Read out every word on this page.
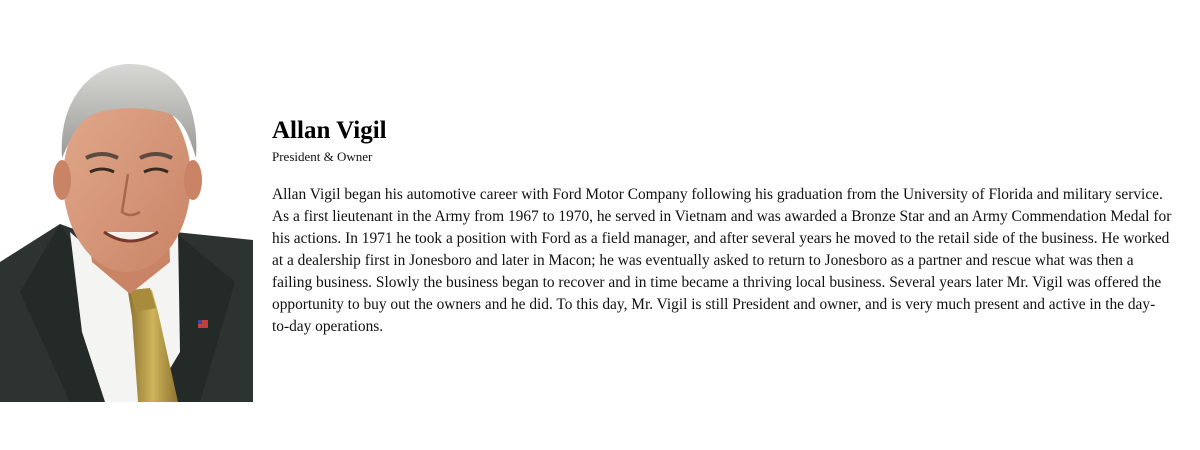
Allan Vigil
President & Owner

Allan Vigil began his automotive career with Ford Motor Company following his graduation from the University of Florida and military service. As a first lieutenant in the Army from 1967 to 1970, he served in Vietnam and was awarded a Bronze Star and an Army Commendation Medal for his actions. In 1971 he took a position with Ford as a field manager, and after several years he moved to the retail side of the business. He worked at a dealership first in Jonesboro and later in Macon; he was eventually asked to return to Jonesboro as a partner and rescue what was then a failing business. Slowly the business began to recover and in time became a thriving local business. Several years later Mr. Vigil was offered the opportunity to buy out the owners and he did. To this day, Mr. Vigil is still President and owner, and is very much present and active in the day-to-day operations.
